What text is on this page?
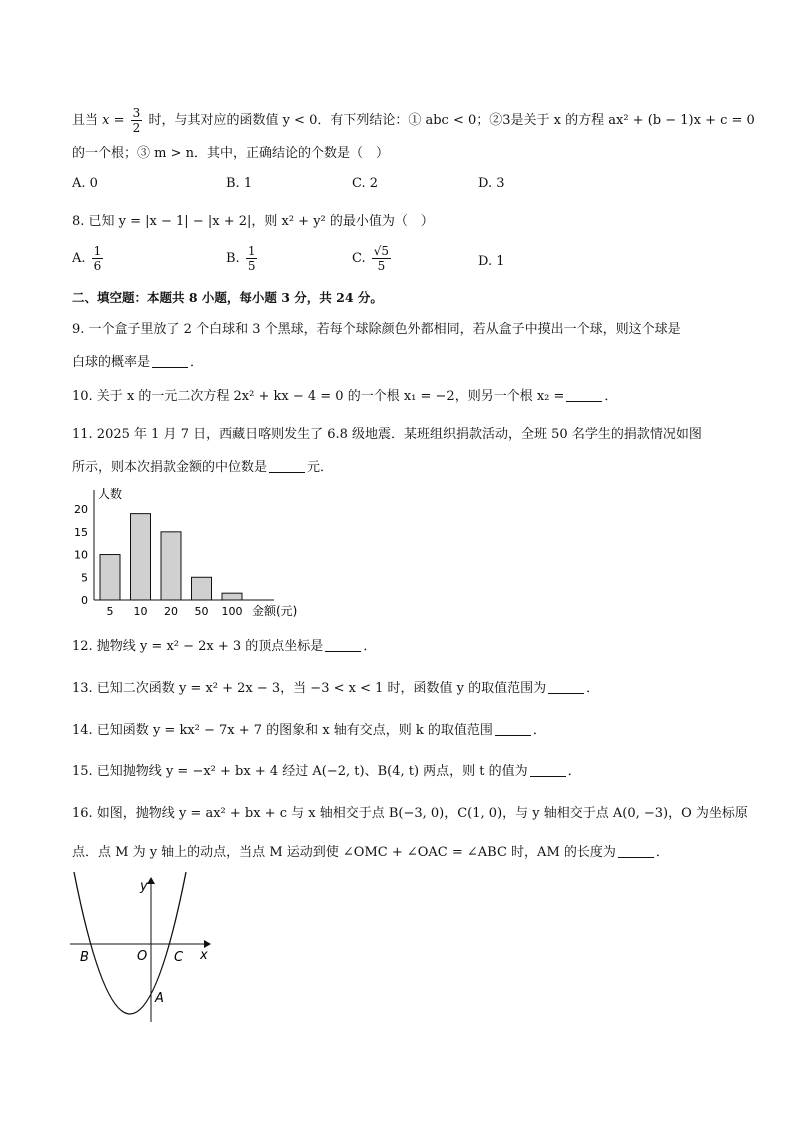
且当 $x = \frac{3}{2}$ 时，与其对应的函数值 y < 0．有下列结论：① abc < 0；②3是关于 x 的方程 ax² + (b − 1)x + c = 0
的一个根；③ m > n．其中，正确结论的个数是（　）
A. 0	B. 1	C. 2	D. 3
8. 已知 y = |x − 1| − |x + 2|，则 x² + y² 的最小值为（　）
A. $\frac{1}{6}$	B. $\frac{1}{5}$	C. $\frac{√5}{5}$	D. 1
二、填空题：本题共 8 小题，每小题 3 分，共 24 分。
9. 一个盒子里放了 2 个白球和 3 个黑球，若每个球除颜色外都相同，若从盒子中摸出一个球，则这个球是
白球的概率是	．
10. 关于 x 的一元二次方程 2x² + kx − 4 = 0 的一个根 x₁ = −2，则另一个根 x₂ =	．
11. 2025 年 1 月 7 日，西藏日喀则发生了 6.8 级地震．某班组织捐款活动，全班 50 名学生的捐款情况如图
所示，则本次捐款金额的中位数是	元．
人数
0
5
10
15
20
5 10 20 50 100 金额(元)
12. 抛物线 y = x² − 2x + 3 的顶点坐标是	．
13. 已知二次函数 y = x² + 2x − 3，当 −3 < x < 1 时，函数值 y 的取值范围为	．
14. 已知函数 y = kx² − 7x + 7 的图象和 x 轴有交点，则 k 的取值范围	．
15. 已知抛物线 y = −x² + bx + 4 经过 A(−2, t)、B(4, t) 两点，则 t 的值为	．
16. 如图，抛物线 y = ax² + bx + c 与 x 轴相交于点 B(−3, 0)，C(1, 0)，与 y 轴相交于点 A(0, −3)，O 为坐标原
点．点 M 为 y 轴上的动点，当点 M 运动到使 ∠OMC + ∠OAC = ∠ABC 时，AM 的长度为	．
y
x
B	O C
A
